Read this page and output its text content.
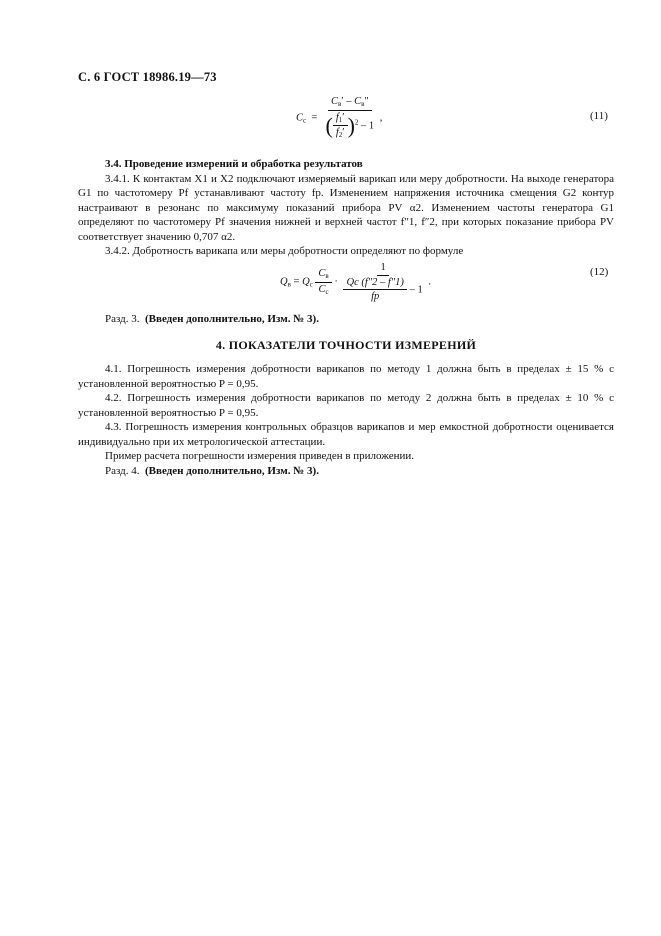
С. 6 ГОСТ 18986.19—73
$C_с = \frac{C_в' - C_в''}{( \frac{f_1'}{f_2'} )^2 - 1}$ ,	(11)

3.4. Проведение измерений и обработка результатов

3.4.1. К контактам X1 и X2 подключают измеряемый варикап или меру добротности. На выходе генератора G1 по частотомеру Pf устанавливают частоту fр. Изменением напряжения источника смещения G2 контур настраивают в резонанс по максимуму показаний прибора PV α2. Изменением частоты генератора G1 определяют по частотомеру Pf значения нижней и верхней частот f″1, f″2, при которых показание прибора PV соответствует значению 0,707 α2.

3.4.2. Добротность варикапа или меры добротности определяют по формуле

$Q_в = Q_с \frac{C_в}{C_с} \cdot \frac{1}{\frac{Qс (f''2 - f''1)}{fр} - 1}$ .
(12)

Разд. 3. (Введен дополнительно, Изм. № 3).

4. ПОКАЗАТЕЛИ ТОЧНОСТИ ИЗМЕРЕНИЙ

4.1. Погрешность измерения добротности варикапов по методу 1 должна быть в пределах ± 15 % с установленной вероятностью P = 0,95.

4.2. Погрешность измерения добротности варикапов по методу 2 должна быть в пределах ± 10 % с установленной вероятностью P = 0,95.

4.3. Погрешность измерения контрольных образцов варикапов и мер емкостной добротности оценивается индивидуально при их метрологической аттестации.

Пример расчета погрешности измерения приведен в приложении.

Разд. 4. (Введен дополнительно, Изм. № 3).
